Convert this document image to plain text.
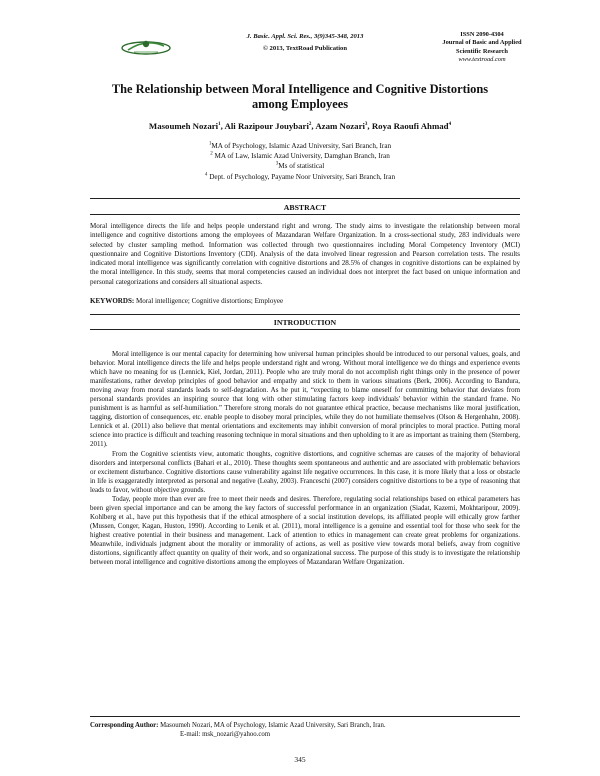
J. Basic. Appl. Sci. Res., 3(9)345-348, 2013
© 2013, TextRoad Publication
ISSN 2090-4304
Journal of Basic and Applied
Scientific Research
www.textroad.com
The Relationship between Moral Intelligence and Cognitive Distortions
among Employees
Masoumeh Nozari$^1$, Ali Razipour Jouybari$^2$, Azam Nozari$^3$, Roya Raoufi Ahmad$^4$
$^1$MA of Psychology, Islamic Azad University, Sari Branch, Iran
$^2$ MA of Law, Islamic Azad University, Damghan Branch, Iran
$^3$Ms of statistical
$^4$ Dept. of Psychology, Payame Noor University, Sari Branch, Iran
ABSTRACT

Moral intelligence directs the life and helps people understand right and wrong. The study aims to investigate the relationship between moral intelligence and cognitive distortions among the employees of Mazandaran Welfare Organization. In a cross-sectional study, 283 individuals were selected by cluster sampling method. Information was collected through two questionnaires including Moral Competency Inventory (MCI) questionnaire and Cognitive Distortions Inventory (CDI). Analysis of the data involved linear regression and Pearson correlation tests. The results indicated moral intelligence was significantly correlation with cognitive distortions and 28.5% of changes in cognitive distortions can be explained by the moral intelligence. In this study, seems that moral competencies caused an individual does not interpret the fact based on unique information and personal categorizations and considers all situational aspects.

KEYWORDS: Moral intelligence; Cognitive distortions; Employee
INTRODUCTION

Moral intelligence is our mental capacity for determining how universal human principles should be introduced to our personal values, goals, and behavior. Moral intelligence directs the life and helps people understand right and wrong. Without moral intelligence we do things and experience events which have no meaning for us (Lennick, Kiel, Jordan, 2011). People who are truly moral do not accomplish right things only in the presence of power manifestations, rather develop principles of good behavior and empathy and stick to them in various situations (Berk, 2006). According to Bandura, moving away from moral standards leads to self-degradation. As he put it, “expecting to blame oneself for committing behavior that deviates from personal standards provides an inspiring source that long with other stimulating factors keep individuals' behavior within the standard frame. No punishment is as harmful as self-humiliation.” Therefore strong morals do not guarantee ethical practice, because mechanisms like moral justification, tagging, distortion of consequences, etc. enable people to disobey moral principles, while they do not humiliate themselves (Olson & Hergenhahn, 2008). Lennick et al. (2011) also believe that mental orientations and excitements may inhibit conversion of moral principles to moral practice. Putting moral science into practice is difficult and teaching reasoning technique in moral situations and then upholding to it are as important as training them (Sternberg, 2011).

From the Cognitive scientists view, automatic thoughts, cognitive distortions, and cognitive schemas are causes of the majority of behavioral disorders and interpersonal conflicts (Bahari et al., 2010). These thoughts seem spontaneous and authentic and are associated with problematic behaviors or excitement disturbance. Cognitive distortions cause vulnerability against life negative occurrences. In this case, it is more likely that a loss or obstacle in life is exaggeratedly interpreted as personal and negative (Leahy, 2003). Franceschi (2007) considers cognitive distortions to be a type of reasoning that leads to favor, without objective grounds.

Today, people more than ever are free to meet their needs and desires. Therefore, regulating social relationships based on ethical parameters has been given special importance and can be among the key factors of successful performance in an organization (Siadat, Kazemi, Mokhtaripour, 2009). Kohlberg et al., have put this hypothesis that if the ethical atmosphere of a social institution develops, its affiliated people will ethically grow farther (Mussen, Conger, Kagan, Huston, 1990). According to Lenik et al. (2011), moral intelligence is a genuine and essential tool for those who seek for the highest creative potential in their business and management. Lack of attention to ethics in management can create great problems for organizations. Meanwhile, individuals judgment about the morality or immorality of actions, as well as positive view towards moral beliefs, away from cognitive distortions, significantly affect quantity on quality of their work, and so organizational success. The purpose of this study is to investigate the relationship between moral intelligence and cognitive distortions among the employees of Mazandaran Welfare Organization.

Corresponding Author: Masoumeh Nozari, MA of Psychology, Islamic Azad University, Sari Branch, Iran.
E-mail: msk_nozari@yahoo.com
345
